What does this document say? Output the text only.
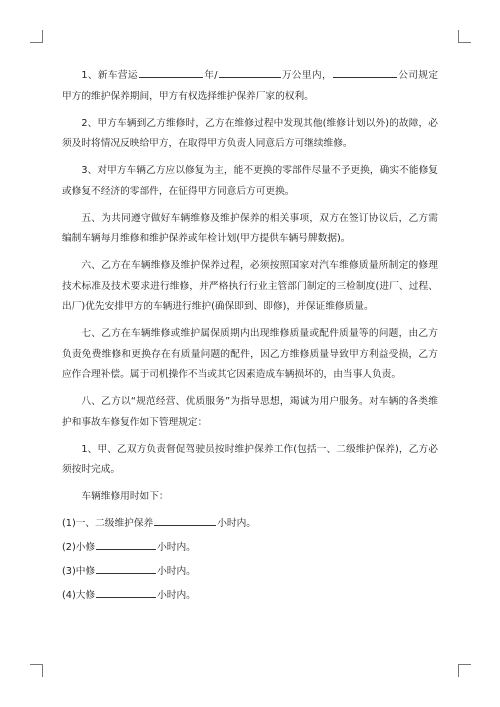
1、新车营运	年/	万公里内，	公司规定甲方的维护保养期间，甲方有权选择维护保养厂家的权利。

2、甲方车辆到乙方维修时，乙方在维修过程中发现其他(维修计划以外)的故障，必须及时将情况反映给甲方，在取得甲方负责人同意后方可继续维修。

3、对甲方车辆乙方应以修复为主，能不更换的零部件尽量不予更换，确实不能修复或修复不经济的零部件，在征得甲方同意后方可更换。

五、为共同遵守做好车辆维修及维护保养的相关事项，双方在签订协议后，乙方需编制车辆每月维修和维护保养或年检计划(甲方提供车辆号牌数据)。

六、乙方在车辆维修及维护保养过程，必须按照国家对汽车维修质量所制定的修理技术标准及技术要求进行维修，并严格执行行业主管部门制定的三检制度(进厂、过程、出厂)优先安排甲方的车辆进行维护(确保即到、即修)，并保证维修质量。

七、乙方在车辆维修或维护属保质期内出现维修质量或配件质量等的问题，由乙方负责免费维修和更换存在有质量问题的配件，因乙方维修质量导致甲方利益受损，乙方应作合理补偿。属于司机操作不当或其它因素造成车辆损坏的，由当事人负责。

八、乙方以“规范经营、优质服务”为指导思想，竭诚为用户服务。对车辆的各类维护和事故车修复作如下管理规定：

1、甲、乙双方负责督促驾驶员按时维护保养工作(包括一、二级维护保养)，乙方必须按时完成。

车辆维修用时如下：

(1)一、二级维护保养	小时内。

(2)小修	小时内。

(3)中修	小时内。

(4)大修	小时内。
